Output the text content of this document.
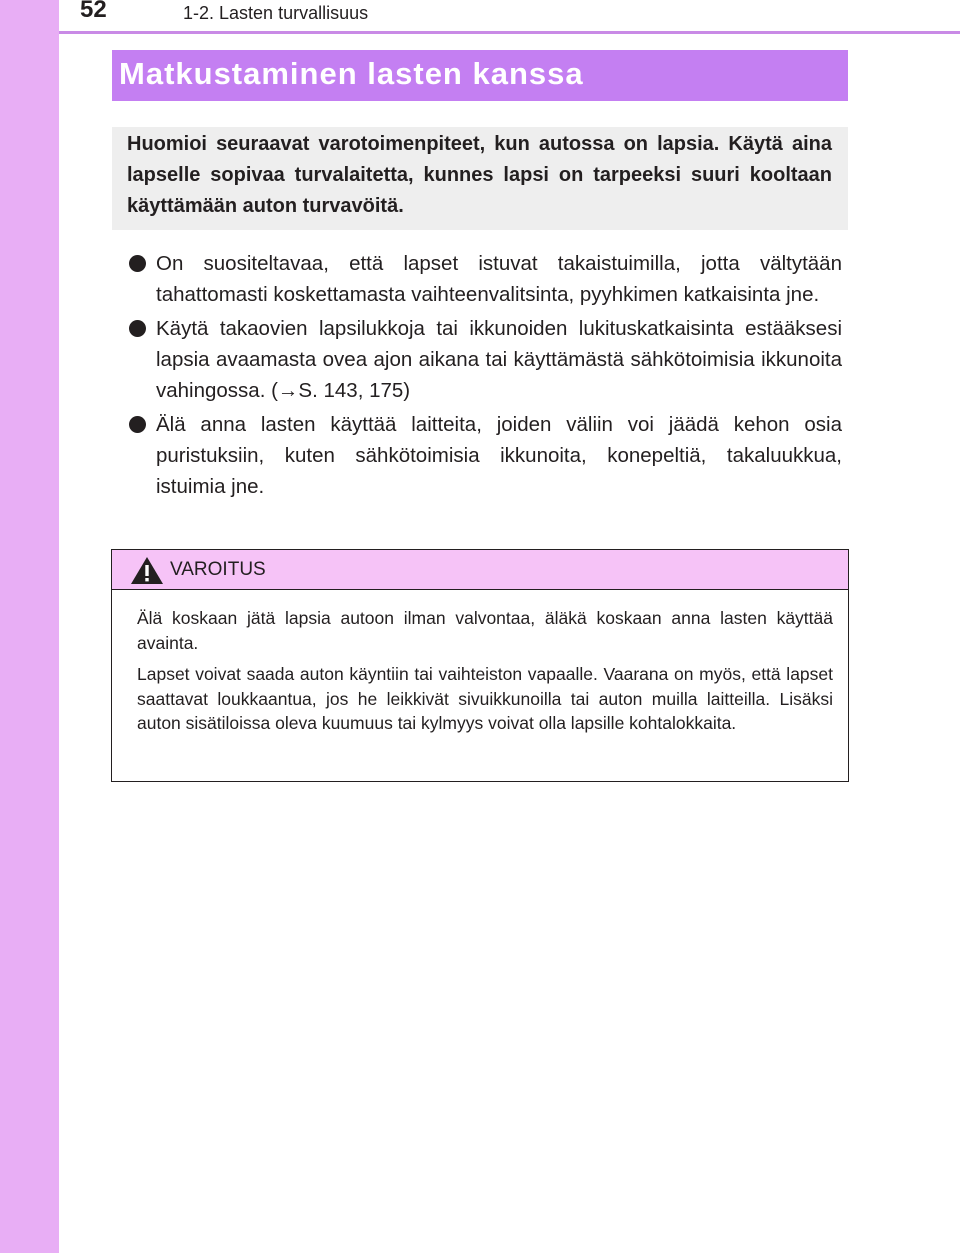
52	1-2. Lasten turvallisuus
Matkustaminen lasten kanssa
Huomioi seuraavat varotoimenpiteet, kun autossa on lapsia. Käytä aina lapselle sopivaa turvalaitetta, kunnes lapsi on tarpeeksi suuri kooltaan käyttämään auton turvavöitä.
On suositeltavaa, että lapset istuvat takaistuimilla, jotta vältytään tahattomasti koskettamasta vaihteenvalitsinta, pyyhkimen katkaisinta jne.
Käytä takaovien lapsilukkoja tai ikkunoiden lukituskatkaisinta estääksesi lapsia avaamasta ovea ajon aikana tai käyttämästä sähkötoimisia ikkunoita vahingossa. (→S. 143, 175)
Älä anna lasten käyttää laitteita, joiden väliin voi jäädä kehon osia puristuksiin, kuten sähkötoimisia ikkunoita, konepeltiä, takaluukkua, istuimia jne.
VAROITUS

Älä koskaan jätä lapsia autoon ilman valvontaa, äläkä koskaan anna lasten käyttää avainta.

Lapset voivat saada auton käyntiin tai vaihteiston vapaalle. Vaarana on myös, että lapset saattavat loukkaantua, jos he leikkivät sivuikkunoilla tai auton muilla laitteilla. Lisäksi auton sisätiloissa oleva kuumuus tai kylmyys voivat olla lapsille kohtalokkaita.
